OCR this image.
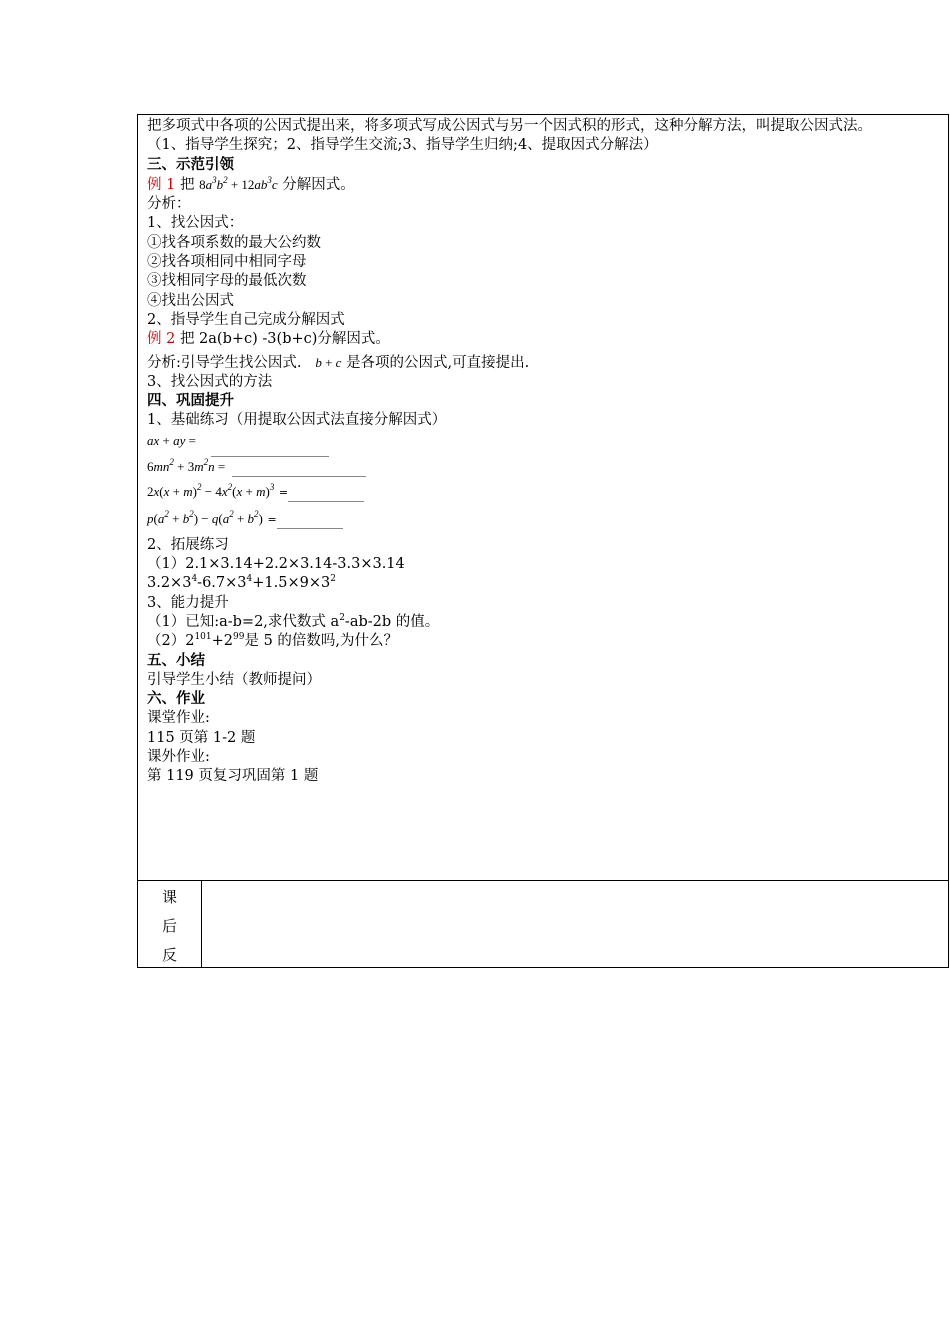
把多项式中各项的公因式提出来，将多项式写成公因式与另一个因式积的形式，这种分解方法，叫提取公因式法。
（1、指导学生探究；2、指导学生交流;3、指导学生归纳;4、提取因式分解法）
三、示范引领
例 1 把 $8a^3b^2 + 12ab^3c$ 分解因式。
分析：
1、找公因式：
①找各项系数的最大公约数
②找各项相同中相同字母
③找相同字母的最低次数
④找出公因式
2、指导学生自己完成分解因式
例 2 把 2a(b+c) -3(b+c)分解因式。
分析:引导学生找公因式. b + c 是各项的公因式,可直接提出.
3、找公因式的方法
四、巩固提升
1、基础练习（用提取公因式法直接分解因式）
ax + ay =
$6mn^2 + 3m^2n$ =
$2x(x + m)^2 - 4x^2(x + m)^3$ =
$p(a^2 + b^2) - q(a^2 + b^2)$ =
2、拓展练习
（1）2.1×3.14+2.2×3.14-3.3×3.14
$3.2\times 3^4-6.7\times 3^4+1.5\times 9\times 3^2$
3、能力提升
（1）已知:a-b=2,求代数式 $a^2-ab-2b$ 的值。
$(2)2^{101}+2^{99}$是 5 的倍数吗,为什么？
五、小结
引导学生小结（教师提问）
六、作业
课堂作业:
115 页第 1-2 题
课外作业:
第 119 页复习巩固第 1 题
课
后
反
